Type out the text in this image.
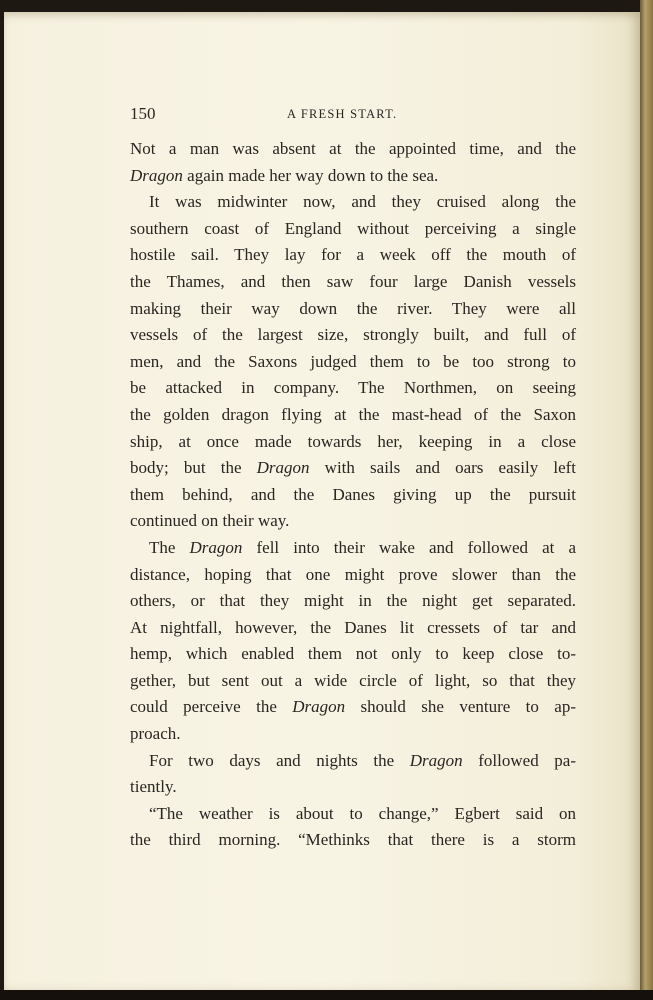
150	A FRESH START.
Not a man was absent at the appointed time, and the
Dragon again made her way down to the sea.
It was midwinter now, and they cruised along the
southern coast of England without perceiving a single
hostile sail. They lay for a week off the mouth of
the Thames, and then saw four large Danish vessels
making their way down the river. They were all
vessels of the largest size, strongly built, and full of
men, and the Saxons judged them to be too strong to
be attacked in company. The Northmen, on seeing
the golden dragon flying at the mast-head of the Saxon
ship, at once made towards her, keeping in a close
body; but the Dragon with sails and oars easily left
them behind, and the Danes giving up the pursuit
continued on their way.
The Dragon fell into their wake and followed at a
distance, hoping that one might prove slower than the
others, or that they might in the night get separated.
At nightfall, however, the Danes lit cressets of tar and
hemp, which enabled them not only to keep close to-
gether, but sent out a wide circle of light, so that they
could perceive the Dragon should she venture to ap-
proach.
For two days and nights the Dragon followed pa-
tiently.
“The weather is about to change,” Egbert said on
the third morning. “Methinks that there is a storm
